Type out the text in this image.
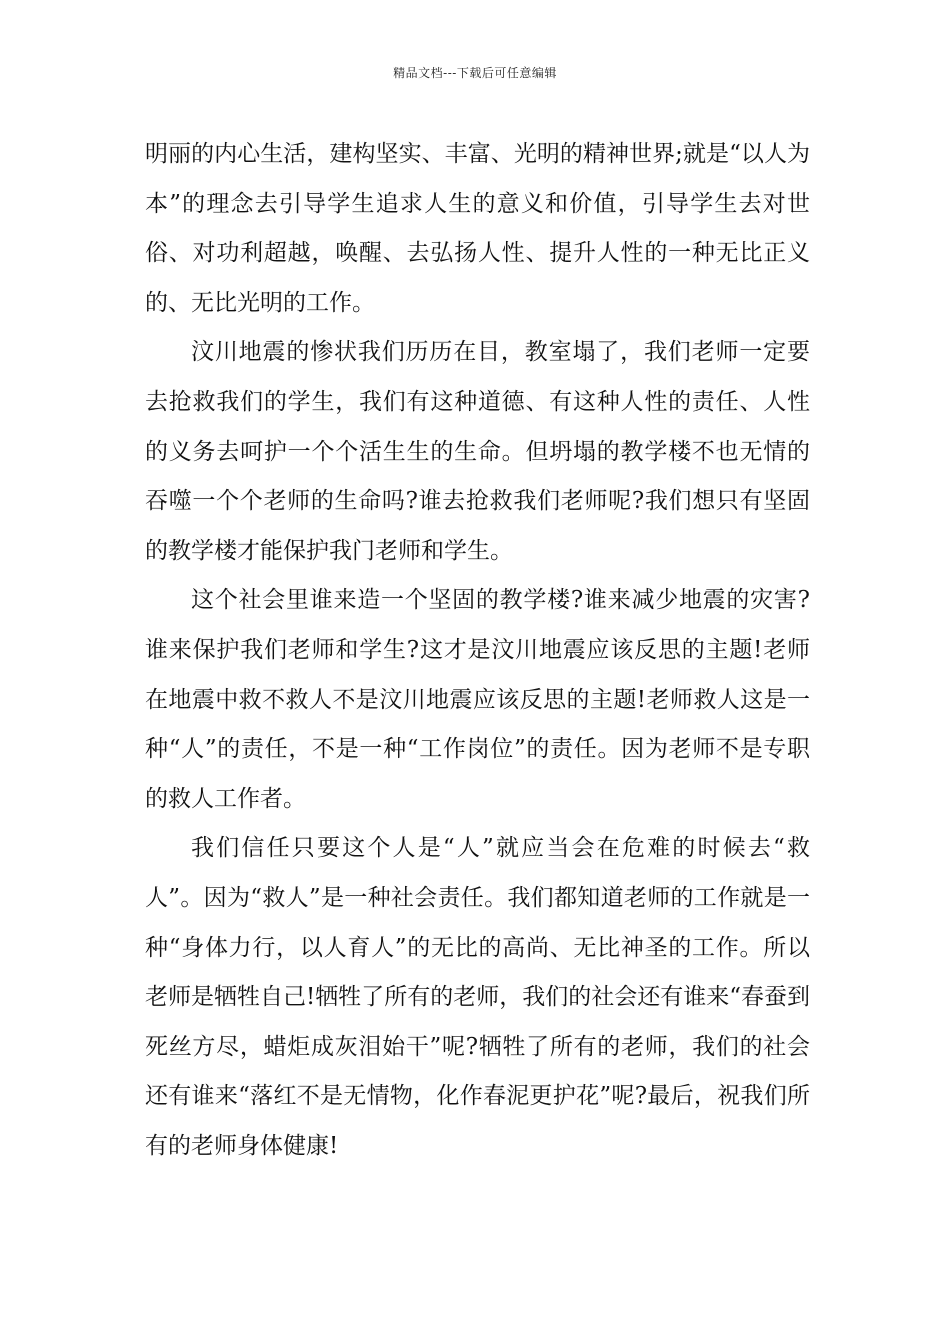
精品文档---下载后可任意编辑

明丽的内心生活，建构坚实、丰富、光明的精神世界;就是“以人为本”的理念去引导学生追求人生的意义和价值，引导学生去对世俗、对功利超越，唤醒、去弘扬人性、提升人性的一种无比正义的、无比光明的工作。

汶川地震的惨状我们历历在目，教室塌了，我们老师一定要去抢救我们的学生，我们有这种道德、有这种人性的责任、人性的义务去呵护一个个活生生的生命。但坍塌的教学楼不也无情的吞噬一个个老师的生命吗?谁去抢救我们老师呢?我们想只有坚固的教学楼才能保护我门老师和学生。

这个社会里谁来造一个坚固的教学楼?谁来减少地震的灾害?谁来保护我们老师和学生?这才是汶川地震应该反思的主题!老师在地震中救不救人不是汶川地震应该反思的主题!老师救人这是一种“人”的责任，不是一种“工作岗位”的责任。因为老师不是专职的救人工作者。

我们信任只要这个人是“人”就应当会在危难的时候去“救人”。因为“救人”是一种社会责任。我们都知道老师的工作就是一种“身体力行，以人育人”的无比的高尚、无比神圣的工作。所以老师是牺牲自己!牺牲了所有的老师，我们的社会还有谁来“春蚕到死丝方尽，蜡炬成灰泪始干”呢?牺牲了所有的老师，我们的社会还有谁来“落红不是无情物，化作春泥更护花”呢?最后，祝我们所有的老师身体健康!
